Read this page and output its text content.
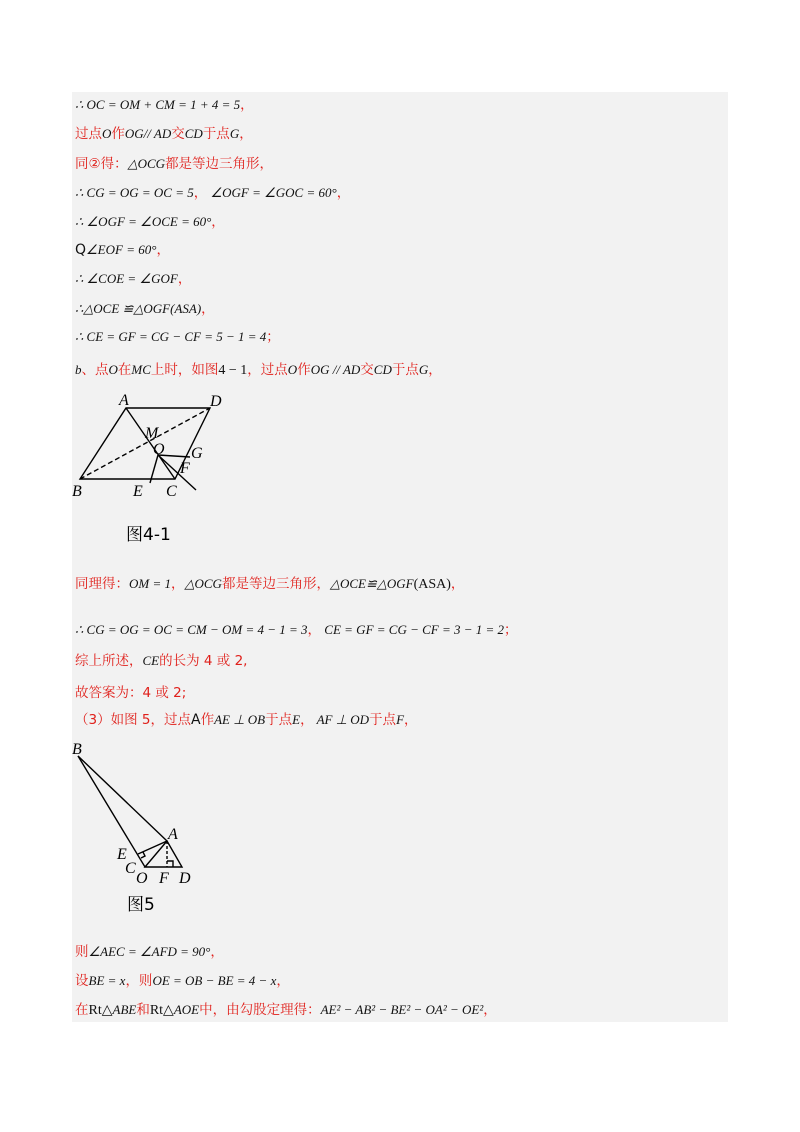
∴ OC = OM + CM = 1 + 4 = 5，
过点O作OG// AD交CD于点G，
同②得：△OCG都是等边三角形，
∴ CG = OG = OC = 5， ∠OGF = ∠GOC = 60°，
∴ ∠OGF = ∠OCE = 60°，
Q∠EOF = 60°，
∴ ∠COE = ∠GOF，
∴△OCE ≌△OGF(ASA)，
∴ CE = GF = CG − CF = 5 − 1 = 4；
b、点O在MC上时，如图4 − 1，过点O作OG // AD交CD于点G，
同理得：OM = 1，△OCG都是等边三角形，△OCE≌△OGF(ASA)，
∴ CG = OG = OC = CM − OM = 4 − 1 = 3， CE = GF = CG − CF = 3 − 1 = 2；
综上所述，CE的长为 4 或 2,
故答案为：4 或 2;
（3）如图 5，过点A作AE ⊥ OB于点E， AF ⊥ OD于点F，
则∠AEC = ∠AFD = 90°，
设BE = x，则OE = OB − BE = 4 − x，
在Rt△ABE和Rt△AOE中，由勾股定理得：AE² − AB² − BE² − OA² − OE²，
A	D
M
O G
F
B	E C
图4-1
B
A
E
C
O F D
图5
